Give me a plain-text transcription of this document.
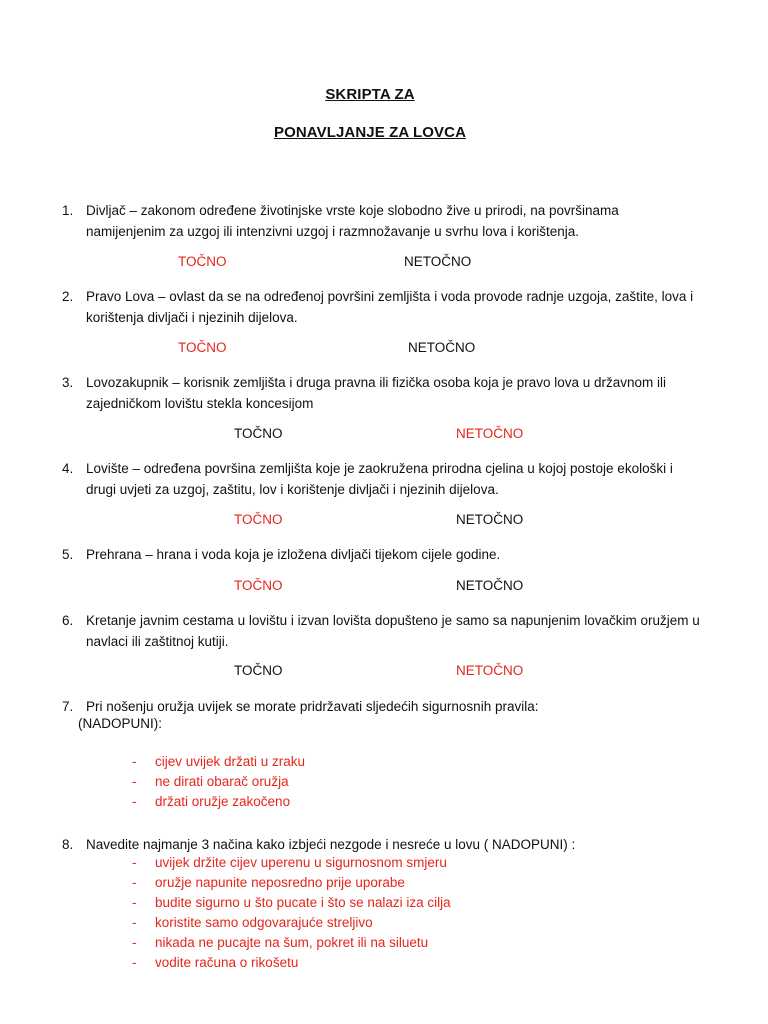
SKRIPTA ZA
PONAVLJANJE ZA LOVCA
1. Divljač – zakonom određene životinjske vrste koje slobodno žive u prirodi, na površinama namijenjenim za uzgoj ili intenzivni uzgoj i razmnožavanje u svrhu lova i korištenja.
TOČNO	NETOČNO
2. Pravo Lova – ovlast da se na određenoj površini zemljišta i voda provode radnje uzgoja, zaštite, lova i korištenja divljači i njezinih dijelova.
TOČNO	NETOČNO
3. Lovozakupnik – korisnik zemljišta i druga pravna ili fizička osoba koja je pravo lova u državnom ili zajedničkom lovištu stekla koncesijom
TOČNO	NETOČNO
4. Lovište – određena površina zemljišta koje je zaokružena prirodna cjelina u kojoj postoje ekološki i drugi uvjeti za uzgoj, zaštitu, lov i korištenje divljači i njezinih dijelova.
TOČNO	NETOČNO
5. Prehrana – hrana i voda koja je izložena divljači tijekom cijele godine.
TOČNO	NETOČNO
6. Kretanje javnim cestama u lovištu i izvan lovišta dopušteno je samo sa napunjenim lovačkim oružjem u navlaci ili zaštitnoj kutiji.
TOČNO	NETOČNO
7. Pri nošenju oružja uvijek se morate pridržavati sljedećih sigurnosnih pravila:
(NADOPUNI):
- cijev uvijek držati u zraku
- ne dirati obarač oružja
- držati oružje zakočeno
8. Navedite najmanje 3 načina kako izbjeći nezgode i nesreće u lovu ( NADOPUNI) :
- uvijek držite cijev uperenu u sigurnosnom smjeru
- oružje napunite neposredno prije uporabe
- budite sigurno u što pucate i što se nalazi iza cilja
- koristite samo odgovarajuće streljivo
- nikada ne pucajte na šum, pokret ili na siluetu
- vodite računa o rikošetu
